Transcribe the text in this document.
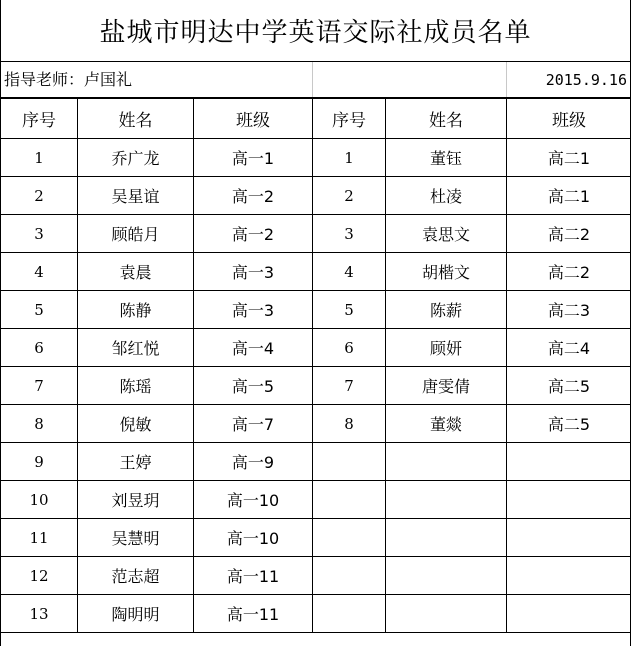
盐城市明达中学英语交际社成员名单
指导老师：卢国礼	2015.9.16
序号	姓名	班级	序号	姓名	班级
1	乔广龙	高一1	1	董钰	高二1
2	吴星谊	高一2	2	杜凌	高二1
3	顾皓月	高一2	3	袁思文	高二2
4	袁晨	高一3	4	胡楷文	高二2
5	陈静	高一3	5	陈薪	高二3
6	邹红悦	高一4	6	顾妍	高二4
7	陈瑶	高一5	7	唐雯倩	高二5
8	倪敏	高一7	8	董燚	高二5
9	王婷	高一9			
10	刘昱玥	高一10			
11	吴慧明	高一10			
12	范志超	高一11			
13	陶明明	高一11			
